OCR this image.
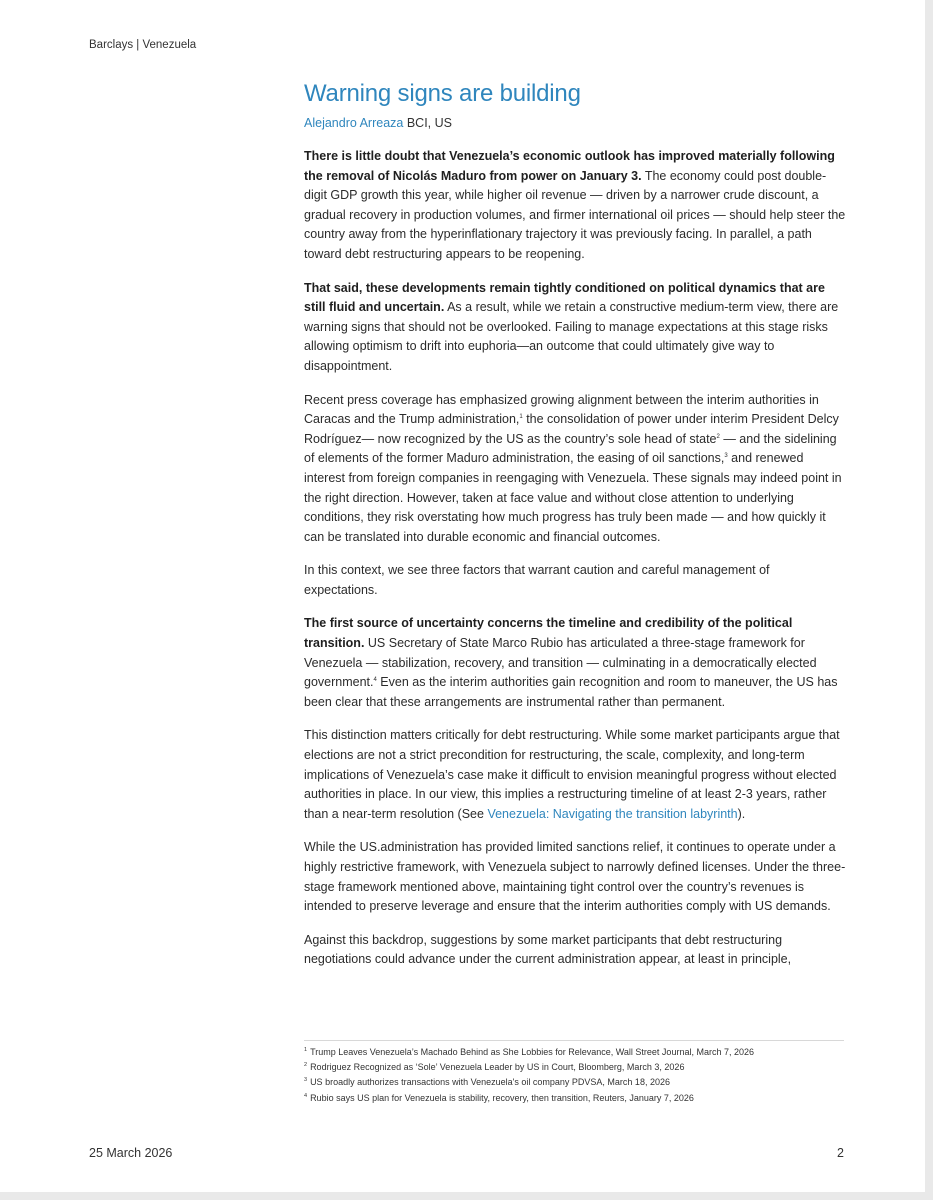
Barclays | Venezuela
Warning signs are building
Alejandro Arreaza BCI, US

There is little doubt that Venezuela’s economic outlook has improved materially following the removal of Nicolás Maduro from power on January 3. The economy could post double-digit GDP growth this year, while higher oil revenue — driven by a narrower crude discount, a gradual recovery in production volumes, and firmer international oil prices — should help steer the country away from the hyperinflationary trajectory it was previously facing. In parallel, a path toward debt restructuring appears to be reopening.

That said, these developments remain tightly conditioned on political dynamics that are still fluid and uncertain. As a result, while we retain a constructive medium-term view, there are warning signs that should not be overlooked. Failing to manage expectations at this stage risks allowing optimism to drift into euphoria—an outcome that could ultimately give way to disappointment.

Recent press coverage has emphasized growing alignment between the interim authorities in Caracas and the Trump administration,$^1$ the consolidation of power under interim President Delcy Rodríguez— now recognized by the US as the country’s sole head of state$^2$ — and the sidelining of elements of the former Maduro administration, the easing of oil sanctions,$^3$ and renewed interest from foreign companies in reengaging with Venezuela. These signals may indeed point in the right direction. However, taken at face value and without close attention to underlying conditions, they risk overstating how much progress has truly been made — and how quickly it can be translated into durable economic and financial outcomes.

In this context, we see three factors that warrant caution and careful management of expectations.

The first source of uncertainty concerns the timeline and credibility of the political transition. US Secretary of State Marco Rubio has articulated a three-stage framework for Venezuela — stabilization, recovery, and transition — culminating in a democratically elected government.$^4$ Even as the interim authorities gain recognition and room to maneuver, the US has been clear that these arrangements are instrumental rather than permanent.

This distinction matters critically for debt restructuring. While some market participants argue that elections are not a strict precondition for restructuring, the scale, complexity, and long-term implications of Venezuela’s case make it difficult to envision meaningful progress without elected authorities in place. In our view, this implies a restructuring timeline of at least 2-3 years, rather than a near-term resolution (See Venezuela: Navigating the transition labyrinth).

While the US.administration has provided limited sanctions relief, it continues to operate under a highly restrictive framework, with Venezuela subject to narrowly defined licenses. Under the three-stage framework mentioned above, maintaining tight control over the country’s revenues is intended to preserve leverage and ensure that the interim authorities comply with US demands.

Against this backdrop, suggestions by some market participants that debt restructuring negotiations could advance under the current administration appear, at least in principle,

$^1$ Trump Leaves Venezuela’s Machado Behind as She Lobbies for Relevance, Wall Street Journal, March 7, 2026
$^2$ Rodriguez Recognized as ‘Sole’ Venezuela Leader by US in Court, Bloomberg, March 3, 2026
$^3$ US broadly authorizes transactions with Venezuela's oil company PDVSA, March 18, 2026
$^4$ Rubio says US plan for Venezuela is stability, recovery, then transition, Reuters, January 7, 2026
25 March 2026	2
